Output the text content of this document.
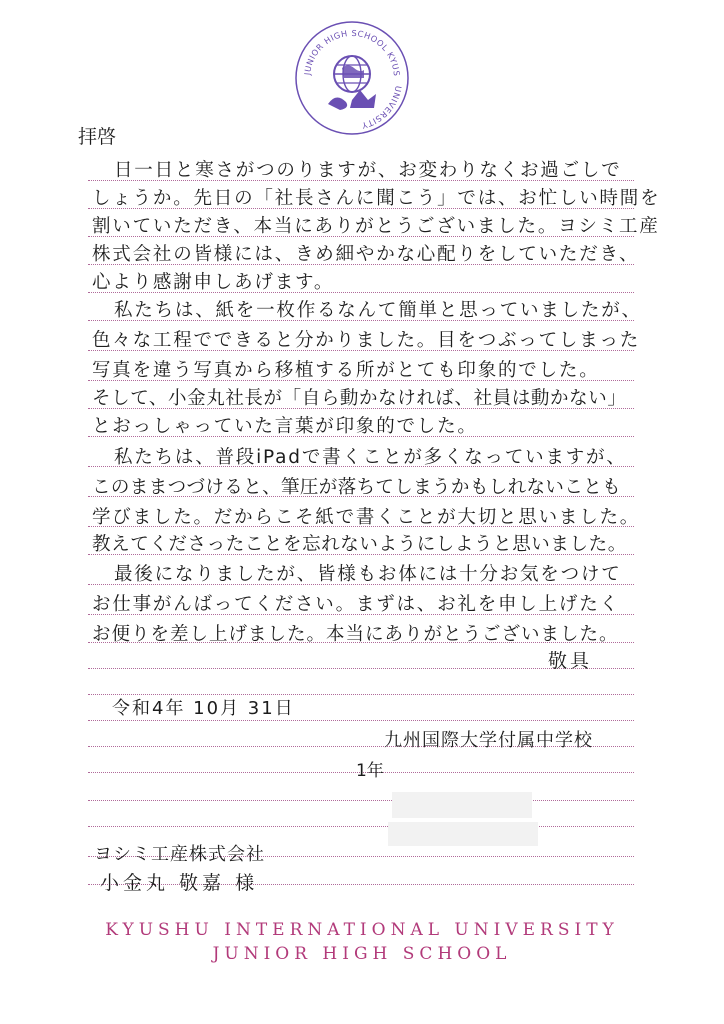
JUNIOR HIGH SCHOOL KYUS
UNIVERSITY
拝啓
日一日と寒さがつのりますが、お変わりなくお過ごしで
しょうか。先日の「社長さんに聞こう」では、お忙しい時間を
割いていただき、本当にありがとうございました。ヨシミ工産
株式会社の皆様には、きめ細やかな心配りをしていただき、
心より感謝申しあげます。
私たちは、紙を一枚作るなんて簡単と思っていましたが、
色々な工程でできると分かりました。目をつぶってしまった
写真を違う写真から移植する所がとても印象的でした。
そして、小金丸社長が「自ら動かなければ、社員は動かない」
とおっしゃっていた言葉が印象的でした。
私たちは、普段iPadで書くことが多くなっていますが、
このままつづけると、筆圧が落ちてしまうかもしれないことも
学びました。だからこそ紙で書くことが大切と思いました。
教えてくださったことを忘れないようにしようと思いました。
最後になりましたが、皆様もお体には十分お気をつけて
お仕事がんばってください。まずは、お礼を申し上げたく
お便りを差し上げました。本当にありがとうございました。
敬具
令和4年 10月 31日
九州国際大学付属中学校
1年
ヨシミ工産株式会社
小金丸 敬嘉 様
KYUSHU INTERNATIONAL UNIVERSITY
JUNIOR HIGH SCHOOL
